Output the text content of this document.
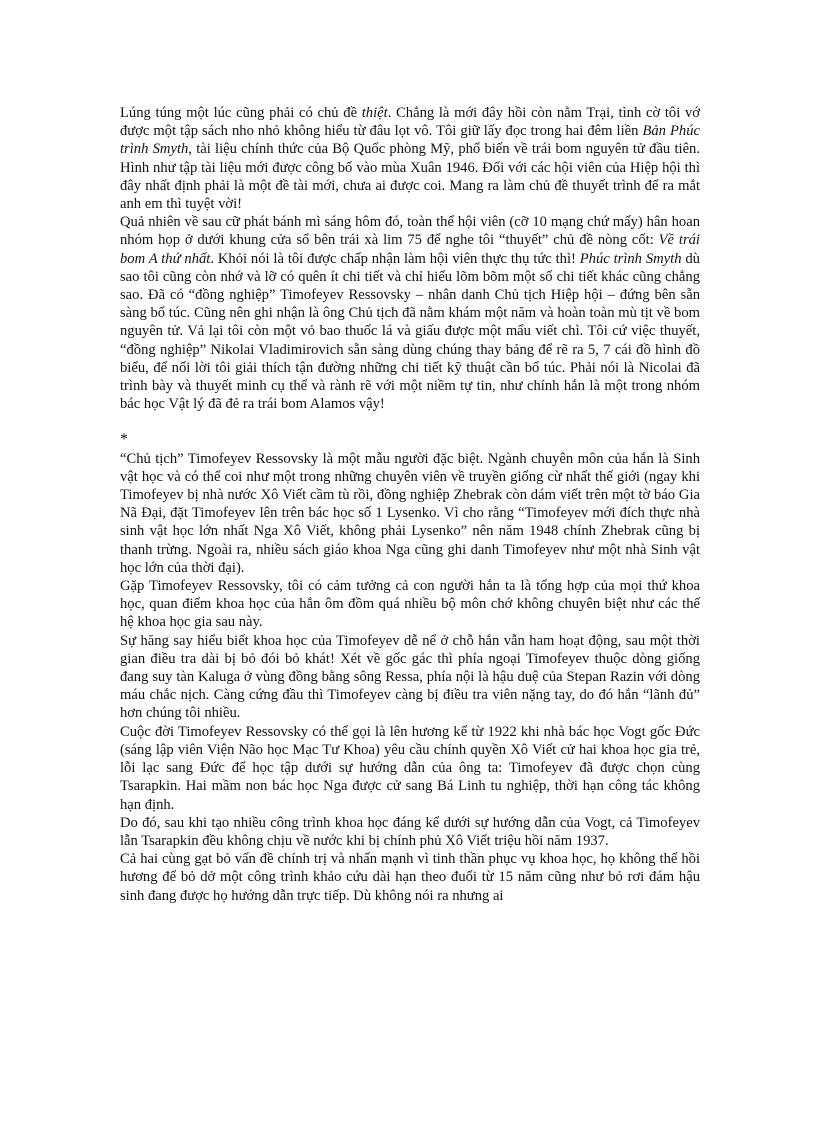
Lúng túng một lúc cũng phải có chủ đề thiệt. Chẳng là mới đây hồi còn nằm Trại, tình cờ tôi vớ được một tập sách nho nhỏ không hiểu từ đâu lọt vô. Tôi giữ lấy đọc trong hai đêm liền Bản Phúc trình Smyth, tài liệu chính thức của Bộ Quốc phòng Mỹ, phổ biến về trái bom nguyên tử đầu tiên. Hình như tập tài liệu mới được công bố vào mùa Xuân 1946. Đối với các hội viên của Hiệp hội thì đây nhất định phải là một đề tài mới, chưa ai được coi. Mang ra làm chủ đề thuyết trình để ra mắt anh em thì tuyệt vời!

Quả nhiên về sau cữ phát bánh mì sáng hôm đó, toàn thể hội viên (cỡ 10 mạng chứ mấy) hân hoan nhóm họp ở dưới khung cửa sổ bên trái xà lim 75 để nghe tôi “thuyết” chủ đề nòng cốt: Về trái bom A thứ nhất. Khỏi nói là tôi được chấp nhận làm hội viên thực thụ tức thì! Phúc trình Smyth dù sao tôi cũng còn nhớ và lỡ có quên ít chi tiết và chỉ hiểu lõm bõm một số chi tiết khác cũng chẳng sao. Đã có “đồng nghiệp” Timofeyev Ressovsky – nhân danh Chủ tịch Hiệp hội – đứng bên sẵn sàng bổ túc. Cũng nên ghi nhận là ông Chủ tịch đã nằm khám một năm và hoàn toàn mù tịt về bom nguyên tử. Vả lại tôi còn một vỏ bao thuốc lá và giấu được một mẩu viết chì. Tôi cứ việc thuyết, “đồng nghiệp” Nikolai Vladimirovich sẵn sàng dùng chúng thay bảng để rẽ ra 5, 7 cái đồ hình đồ biểu, để nối lời tôi giải thích tận đường những chi tiết kỹ thuật cần bổ túc. Phải nói là Nicolai đã trình bày và thuyết minh cụ thể và rành rẽ với một niềm tự tin, như chính hắn là một trong nhóm bác học Vật lý đã đẻ ra trái bom Alamos vậy!

*

“Chủ tịch” Timofeyev Ressovsky là một mẫu người đặc biệt. Ngành chuyên môn của hắn là Sinh vật học và có thể coi như một trong những chuyên viên về truyền giống cừ nhất thế giới (ngay khi Timofeyev bị nhà nước Xô Viết cầm tù rồi, đồng nghiệp Zhebrak còn dám viết trên một tờ báo Gia Nã Đại, đặt Timofeyev lên trên bác học số 1 Lysenko. Vì cho rằng “Timofeyev mới đích thực nhà sinh vật học lớn nhất Nga Xô Viết, không phải Lysenko” nên năm 1948 chính Zhebrak cũng bị thanh trừng. Ngoài ra, nhiều sách giáo khoa Nga cũng ghi danh Timofeyev như một nhà Sinh vật học lớn của thời đại).

Gặp Timofeyev Ressovsky, tôi có cảm tưởng cả con người hắn ta là tổng hợp của mọi thứ khoa học, quan điểm khoa học của hắn ôm đồm quá nhiều bộ môn chớ không chuyên biệt như các thế hệ khoa học gia sau này.

Sự hăng say hiểu biết khoa học của Timofeyev dễ nể ở chỗ hắn vẫn ham hoạt động, sau một thời gian điều tra dài bị bỏ đói bỏ khát! Xét về gốc gác thì phía ngoại Timofeyev thuộc dòng giống đang suy tàn Kaluga ở vùng đồng bằng sông Ressa, phía nội là hậu duệ của Stepan Razin với dòng máu chắc nịch. Càng cứng đầu thì Timofeyev càng bị điều tra viên nặng tay, do đó hắn “lãnh đủ” hơn chúng tôi nhiều.

Cuộc đời Timofeyev Ressovsky có thể gọi là lên hương kể từ 1922 khi nhà bác học Vogt gốc Đức (sáng lập viên Viện Não học Mạc Tư Khoa) yêu cầu chính quyền Xô Viết cử hai khoa học gia trẻ, lỗi lạc sang Đức để học tập dưới sự hướng dẫn của ông ta: Timofeyev đã được chọn cùng Tsarapkin. Hai mầm non bác học Nga được cử sang Bá Linh tu nghiệp, thời hạn công tác không hạn định.

Do đó, sau khi tạo nhiều công trình khoa học đáng kể dưới sự hướng dẫn của Vogt, cả Timofeyev lẫn Tsarapkin đều không chịu về nước khi bị chính phủ Xô Viết triệu hồi năm 1937.

Cả hai cùng gạt bỏ vấn đề chính trị và nhấn mạnh vì tinh thần phục vụ khoa học, họ không thể hồi hương để bỏ dở một công trình khảo cứu dài hạn theo đuổi từ 15 năm cũng như bỏ rơi đám hậu sinh đang được họ hướng dẫn trực tiếp. Dù không nói ra nhưng ai
